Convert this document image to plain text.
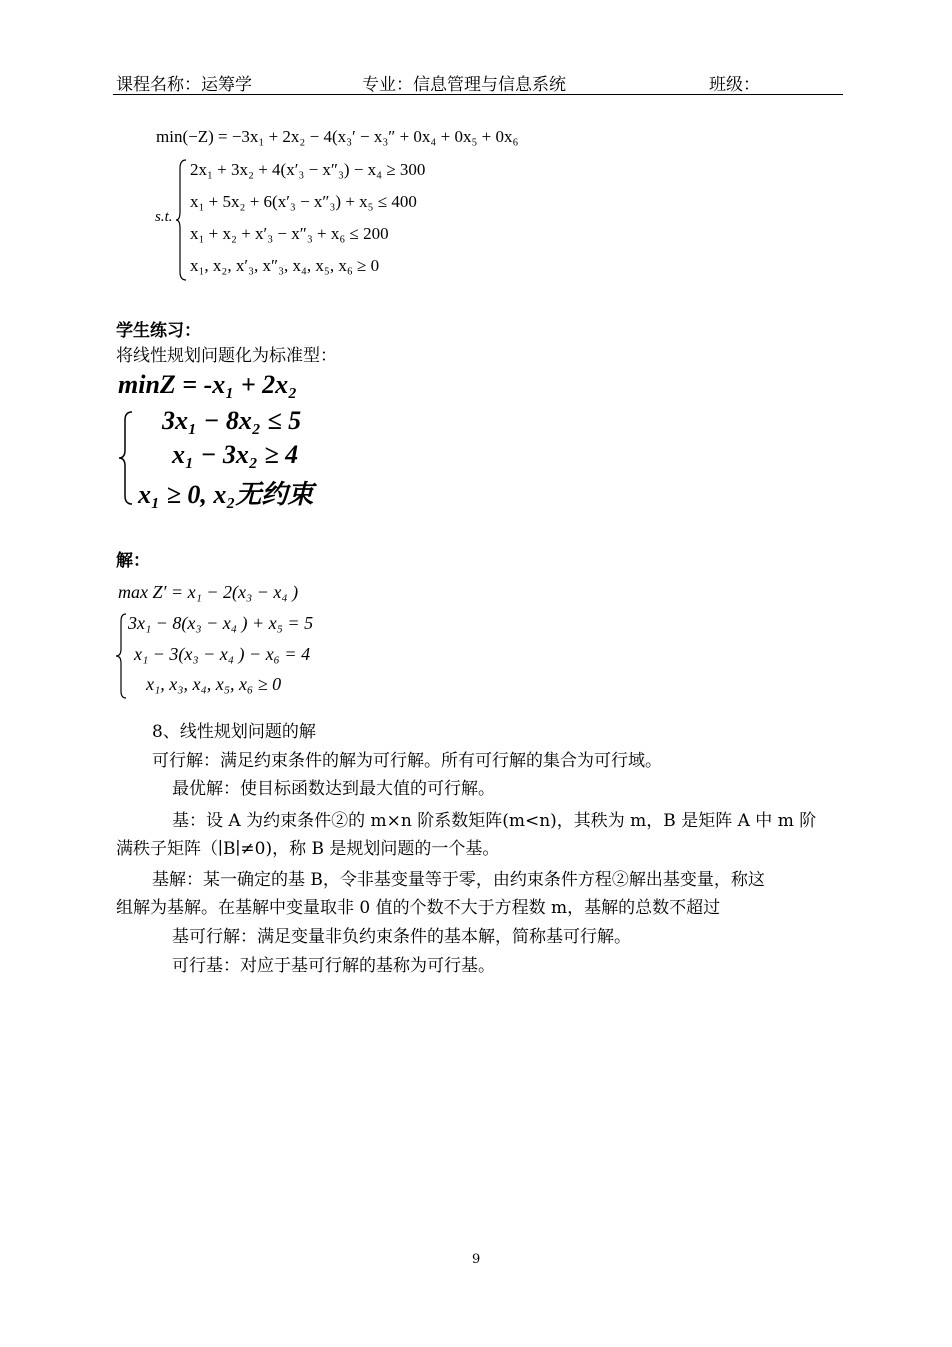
课程名称：运筹学	专业：信息管理与信息系统	班级：
min(−Z) = −3x₁ + 2x₂ − 4(x₃′ − x₃″ + 0x₄ + 0x₅ + 0x₆
s.t.
2x₁ + 3x₂ + 4(x′₃ − x″₃) − x₄ ≥ 300
x₁ + 5x₂ + 6(x′₃ − x″₃) + x₅ ≤ 400
x₁ + x₂ + x′₃ − x″₃ + x₆ ≤ 200
x₁, x₂, x′₃, x″₃, x₄, x₅, x₆ ≥ 0
学生练习：
将线性规划问题化为标准型：
minZ = -x₁ + 2x₂
3x₁ − 8x₂ ≤ 5
x₁ − 3x₂ ≥ 4
x₁ ≥ 0, x₂无约束
解：
max Z′ = x₁ − 2(x₃ − x₄ )
3x₁ − 8(x₃ − x₄ ) + x₅ = 5
x₁ − 3(x₃ − x₄ ) − x₆ = 4
x₁, x₃, x₄, x₅, x₆ ≥ 0
8、线性规划问题的解
可行解：满足约束条件的解为可行解。所有可行解的集合为可行域。
最优解：使目标函数达到最大值的可行解。
基：设 A 为约束条件②的 m×n 阶系数矩阵(m<n)，其秩为 m，B 是矩阵 A 中 m 阶
满秩子矩阵（∣B∣≠0)，称 B 是规划问题的一个基。
基解：某一确定的基 B，令非基变量等于零，由约束条件方程②解出基变量，称这
组解为基解。在基解中变量取非 0 值的个数不大于方程数 m，基解的总数不超过
基可行解：满足变量非负约束条件的基本解，简称基可行解。
可行基：对应于基可行解的基称为可行基。
9
